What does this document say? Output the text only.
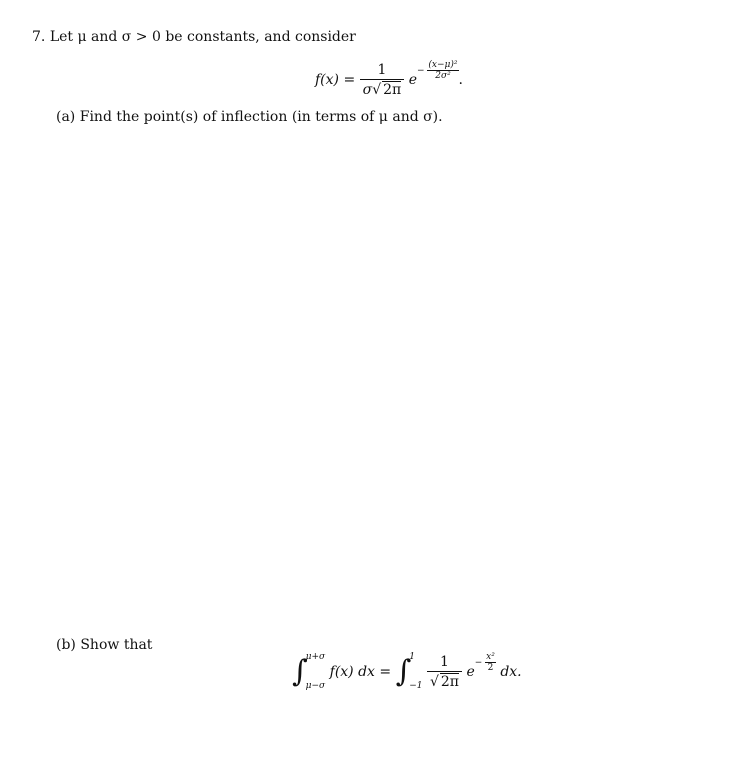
7. Let μ and σ > 0 be constants, and consider
$f(x) = \frac{1}{\sigma√ 2\pi} e- \frac{\text{(x−μ)²}}{\text{2σ²}}$ .
(a) Find the point(s) of inflection (in terms of μ and σ).
(b) Show that
∫
μ+σ
μ−σ
f(x) dx = ∫
1
−1
$\frac{1}{√ 2\pi} e- \frac{\text{x²}}{2}$ dx.
